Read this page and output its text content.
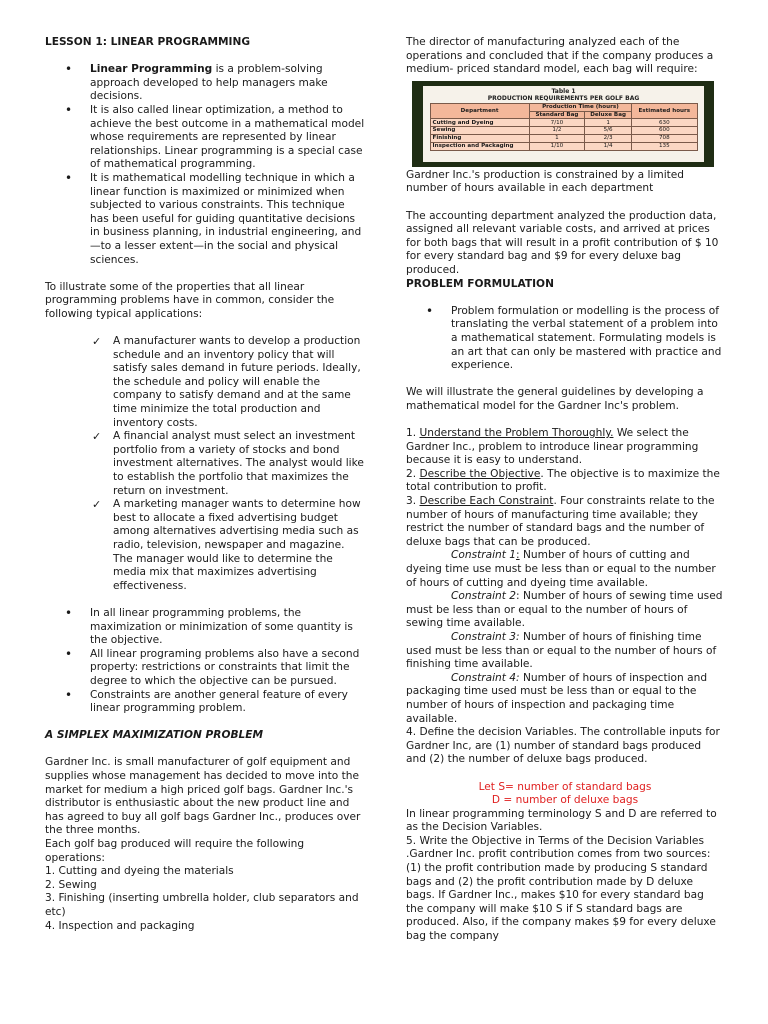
LESSON 1: LINEAR PROGRAMMING

• Linear Programming is a problem-solving approach developed to help managers make decisions.
• It is also called linear optimization, a method to achieve the best outcome in a mathematical model whose requirements are represented by linear relationships. Linear programming is a special case of mathematical programming.
• It is mathematical modelling technique in which a linear function is maximized or minimized when subjected to various constraints. This technique has been useful for guiding quantitative decisions in business planning, in industrial engineering, and—to a lesser extent—in the social and physical sciences.

To illustrate some of the properties that all linear programming problems have in common, consider the following typical applications:

✓ A manufacturer wants to develop a production schedule and an inventory policy that will satisfy sales demand in future periods. Ideally, the schedule and policy will enable the company to satisfy demand and at the same time minimize the total production and inventory costs.
✓ A financial analyst must select an investment portfolio from a variety of stocks and bond investment alternatives. The analyst would like to establish the portfolio that maximizes the return on investment.
✓ A marketing manager wants to determine how best to allocate a fixed advertising budget among alternatives advertising media such as radio, television, newspaper and magazine. The manager would like to determine the media mix that maximizes advertising effectiveness.
• In all linear programming problems, the maximization or minimization of some quantity is the objective.
• All linear programing problems also have a second property: restrictions or constraints that limit the degree to which the objective can be pursued.
• Constraints are another general feature of every linear programming problem.

A SIMPLEX MAXIMIZATION PROBLEM

Gardner Inc. is small manufacturer of golf equipment and supplies whose management has decided to move into the market for medium a high priced golf bags. Gardner Inc.'s distributor is enthusiastic about the new product line and has agreed to buy all golf bags Gardner Inc., produces over the three months.

Each golf bag produced will require the following operations:

1. Cutting and dyeing the materials

2. Sewing

3. Finishing (inserting umbrella holder, club separators and etc)

4. Inspection and packaging

The director of manufacturing analyzed each of the operations and concluded that if the company produces a medium- priced standard model, each bag will require:

Table 1
PRODUCTION REQUIREMENTS PER GOLF BAG
Department	Production Time (hours)		Estimated hours
	Standard Bag	Deluxe Bag	
Cutting and Dyeing	7/10	1	630
Sewing	1/2	5/6	600
Finishing	1	2/3	708
Inspection and Packaging	1/10	1/4	135

Gardner Inc.'s production is constrained by a limited number of hours available in each department

The accounting department analyzed the production data, assigned all relevant variable costs, and arrived at prices for both bags that will result in a profit contribution of $ 10 for every standard bag and $9 for every deluxe bag produced.

PROBLEM FORMULATION

• Problem formulation or modelling is the process of translating the verbal statement of a problem into a mathematical statement. Formulating models is an art that can only be mastered with practice and experience.

We will illustrate the general guidelines by developing a mathematical model for the Gardner Inc's problem.

1. Understand the Problem Thoroughly. We select the Gardner Inc., problem to introduce linear programming because it is easy to understand.

2. Describe the Objective. The objective is to maximize the total contribution to profit.

3. Describe Each Constraint. Four constraints relate to the number of hours of manufacturing time available; they restrict the number of standard bags and the number of deluxe bags that can be produced.

Constraint 1: Number of hours of cutting and dyeing time use must be less than or equal to the number of hours of cutting and dyeing time available.

Constraint 2: Number of hours of sewing time used must be less than or equal to the number of hours of sewing time available.

Constraint 3: Number of hours of finishing time used must be less than or equal to the number of hours of finishing time available.

Constraint 4: Number of hours of inspection and packaging time used must be less than or equal to the number of hours of inspection and packaging time available.

4. Define the decision Variables. The controllable inputs for Gardner Inc, are (1) number of standard bags produced and (2) the number of deluxe bags produced.

Let S= number of standard bags

D = number of deluxe bags

In linear programming terminology S and D are referred to as the Decision Variables.

5. Write the Objective in Terms of the Decision Variables .Gardner Inc. profit contribution comes from two sources: (1) the profit contribution made by producing S standard bags and (2) the profit contribution made by D deluxe bags. If Gardner Inc., makes $10 for every standard bag the company will make $10 S if S standard bags are produced. Also, if the company makes $9 for every deluxe bag the company
